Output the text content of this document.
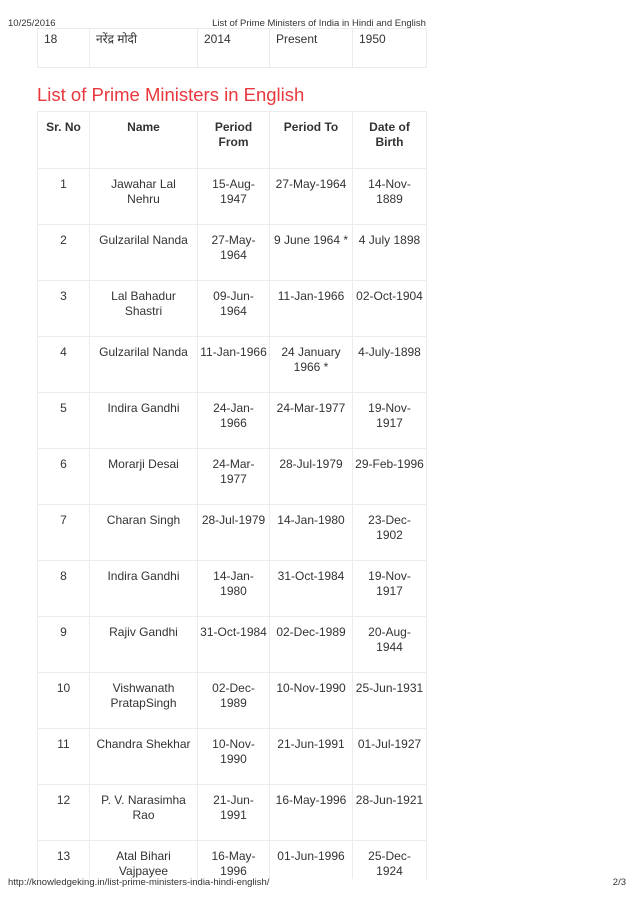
10/25/2016	List of Prime Ministers of India in Hindi and English
18	नरेंद्र मोदी	2014	Present	1950
List of Prime Ministers in English
Sr. No	Name	Period From	Period To	Date of Birth
1	Jawahar Lal Nehru	15-Aug-1947	27-May-1964	14-Nov-1889
2	Gulzarilal Nanda	27-May-1964	9 June 1964 *	4 July 1898
3	Lal Bahadur Shastri	09-Jun-1964	11-Jan-1966	02-Oct-1904
4	Gulzarilal Nanda	11-Jan-1966	24 January 1966 *	4-July-1898
5	Indira Gandhi	24-Jan-1966	24-Mar-1977	19-Nov-1917
6	Morarji Desai	24-Mar-1977	28-Jul-1979	29-Feb-1996
7	Charan Singh	28-Jul-1979	14-Jan-1980	23-Dec-1902
8	Indira Gandhi	14-Jan-1980	31-Oct-1984	19-Nov-1917
9	Rajiv Gandhi	31-Oct-1984	02-Dec-1989	20-Aug-1944
10	Vishwanath PratapSingh	02-Dec-1989	10-Nov-1990	25-Jun-1931
11	Chandra Shekhar	10-Nov-1990	21-Jun-1991	01-Jul-1927
12	P. V. Narasimha Rao	21-Jun-1991	16-May-1996	28-Jun-1921
13	Atal Bihari Vajpayee	16-May-1996	01-Jun-1996	25-Dec-1924
http://knowledgeking.in/list-prime-ministers-india-hindi-english/	2/3
